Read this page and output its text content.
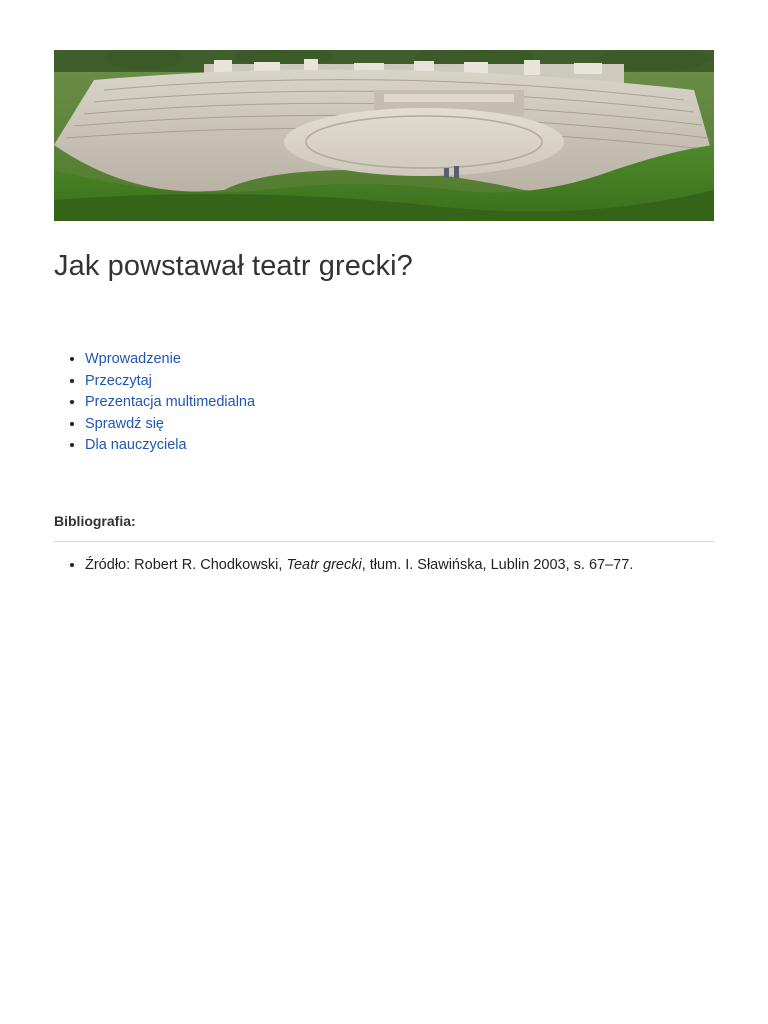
Jak powstawał teatr grecki?
• Wprowadzenie
• Przeczytaj
• Prezentacja multimedialna
• Sprawdź się
• Dla nauczyciela
Bibliografia:
• Źródło: Robert R. Chodkowski, Teatr grecki, tłum. I. Sławińska, Lublin 2003, s. 67–77.
